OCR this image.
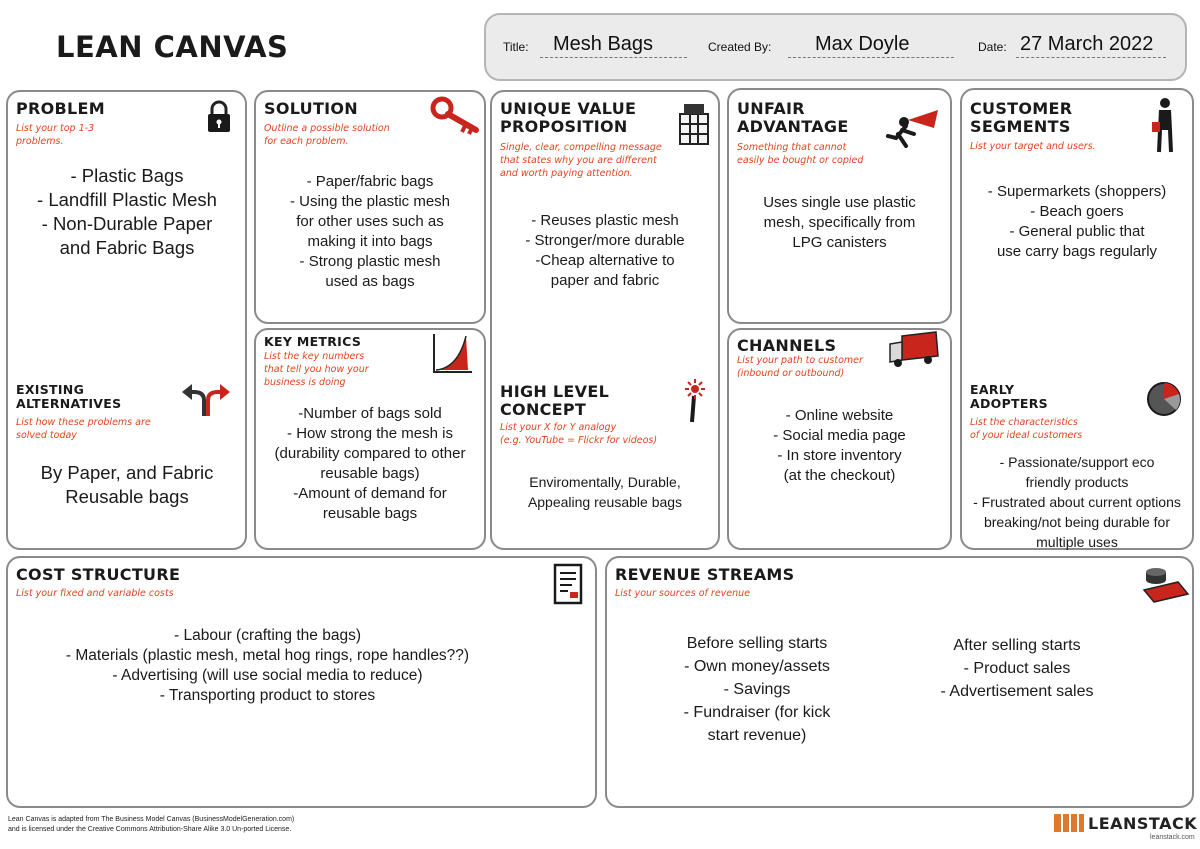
LEAN CANVAS	Title: Mesh Bags	Created By: Max Doyle	Date: 27 March 2022
PROBLEM
List your top 1-3
problems.
- Plastic Bags
- Landfill Plastic Mesh
- Non-Durable Paper
and Fabric Bags
EXISTING
ALTERNATIVES
List how these problems are
solved today
By Paper, and Fabric
Reusable bags
SOLUTION
Outline a possible solution
for each problem.
- Paper/fabric bags
- Using the plastic mesh
for other uses such as
making it into bags
- Strong plastic mesh
used as bags
KEY METRICS
List the key numbers
that tell you how your
business is doing
-Number of bags sold
- How strong the mesh is
(durability compared to other
reusable bags)
-Amount of demand for
reusable bags
UNIQUE VALUE
PROPOSITION
Single, clear, compelling message
that states why you are different
and worth paying attention.
- Reuses plastic mesh
- Stronger/more durable
-Cheap alternative to
paper and fabric
HIGH LEVEL
CONCEPT
List your X for Y analogy
(e.g. YouTube = Flickr for videos)
Enviromentally, Durable,
Appealing reusable bags
UNFAIR
ADVANTAGE
Something that cannot
easily be bought or copied
Uses single use plastic
mesh, specifically from
LPG canisters
CHANNELS
List your path to customer
(inbound or outbound)
- Online website
- Social media page
- In store inventory
(at the checkout)
CUSTOMER
SEGMENTS
List your target and users.
- Supermarkets (shoppers)
- Beach goers
- General public that
use carry bags regularly
EARLY
ADOPTERS
List the characteristics
of your ideal customers
- Passionate/support eco
friendly products
- Frustrated about current options
breaking/not being durable for
multiple uses
COST STRUCTURE
List your fixed and variable costs
- Labour (crafting the bags)
- Materials (plastic mesh, metal hog rings, rope handles??)
- Advertising (will use social media to reduce)
- Transporting product to stores
REVENUE STREAMS
List your sources of revenue
Before selling starts
- Own money/assets
- Savings
- Fundraiser (for kick
start revenue)
After selling starts
- Product sales
- Advertisement sales
Lean Canvas is adapted from The Business Model Canvas (BusinessModelGeneration.com)
and is licensed under the Creative Commons Attribution-Share Alike 3.0 Un-ported License.	LEANSTACK
leanstack.com
